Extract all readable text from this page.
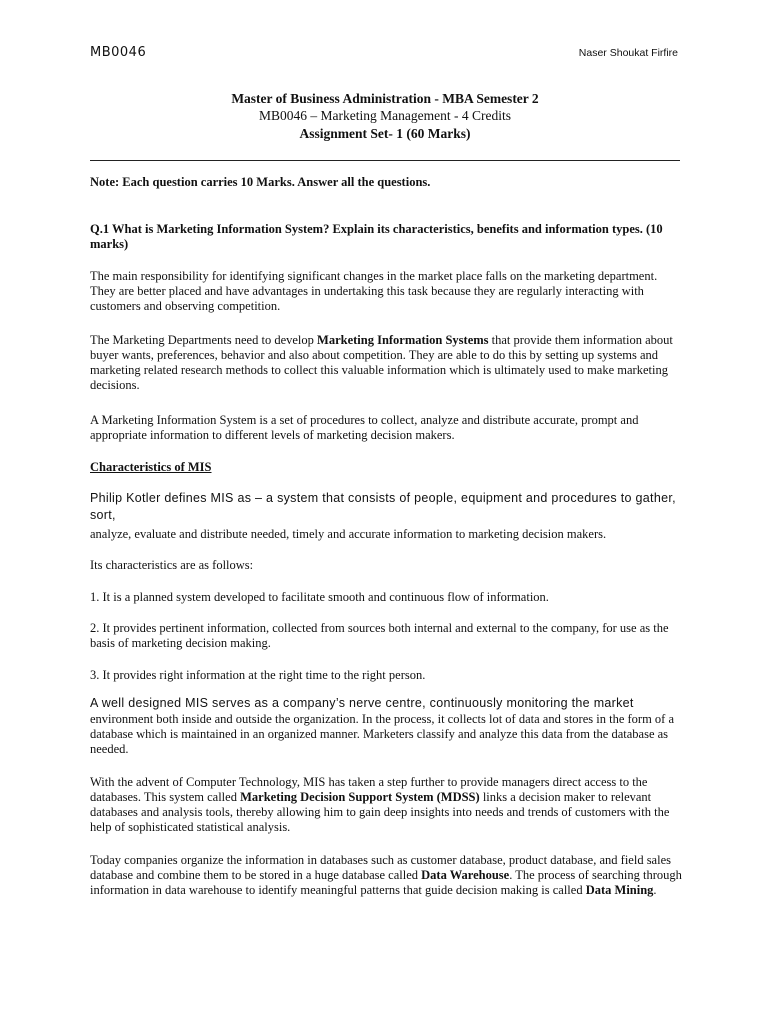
MB0046	Naser Shoukat Firfire
Master of Business Administration - MBA Semester 2
MB0046 – Marketing Management - 4 Credits
Assignment Set- 1 (60 Marks)

Note: Each question carries 10 Marks. Answer all the questions.

Q.1 What is Marketing Information System? Explain its characteristics, benefits and information types. (10 marks)

The main responsibility for identifying significant changes in the market place falls on the marketing department. They are better placed and have advantages in undertaking this task because they are regularly interacting with customers and observing competition.

The Marketing Departments need to develop Marketing Information Systems that provide them information about buyer wants, preferences, behavior and also about competition. They are able to do this by setting up systems and marketing related research methods to collect this valuable information which is ultimately used to make marketing decisions.

A Marketing Information System is a set of procedures to collect, analyze and distribute accurate, prompt and appropriate information to different levels of marketing decision makers.

Characteristics of MIS

Philip Kotler defines MIS as – a system that consists of people, equipment and procedures to gather, sort,

analyze, evaluate and distribute needed, timely and accurate information to marketing decision makers.

Its characteristics are as follows:

1. It is a planned system developed to facilitate smooth and continuous flow of information.

2. It provides pertinent information, collected from sources both internal and external to the company, for use as the basis of marketing decision making.

3. It provides right information at the right time to the right person.

A well designed MIS serves as a company’s nerve centre, continuously monitoring the market

environment both inside and outside the organization. In the process, it collects lot of data and stores in the form of a database which is maintained in an organized manner. Marketers classify and analyze this data from the database as needed.

With the advent of Computer Technology, MIS has taken a step further to provide managers direct access to the databases. This system called Marketing Decision Support System (MDSS) links a decision maker to relevant databases and analysis tools, thereby allowing him to gain deep insights into needs and trends of customers with the help of sophisticated statistical analysis.

Today companies organize the information in databases such as customer database, product database, and field sales database and combine them to be stored in a huge database called Data Warehouse. The process of searching through information in data warehouse to identify meaningful patterns that guide decision making is called Data Mining.
